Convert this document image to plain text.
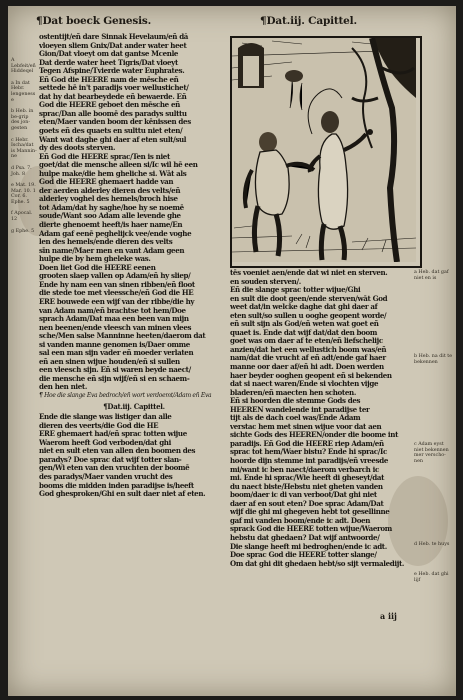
¶Dat boeck Genesis.	¶Dat.iij. Capittel.
A Lebfeit/eñ Hiddeqel
a In dat Hebr. lengenesse
b Heb. in be-grip des jon-gesten
c Hebr. Ischa/dat is Mannin-ne
d Psa. 7. Joh. 8
e Mat. 19. Mar. 10. 1 Cor. 6. Ephe. 5
f Apocal. 12
g Ephe. 5
ostentijt/eñ dare Sinnak Hevelaum/eñ dă
vloeyen sliem Gnix/Dat ander water heet
Gion/Dat vloeyt om dat gantse Mcenle
Dat derde water heet Tigris/Dat vloeyt
Tegen Afspine/Tvierde water Euphrates.
Eñ God die HEERE nam de mēsche eñ
settede hē in't paradijs voer wellustichet/
dat hy dat bearbeydede eñ bewaerde. Eñ
God die HEERE geboet den mēsche eñ
sprac/Dan alle boomē des paradys sulttu
eten/Maer vanden boom der kēnissen des
goets eñ des quaets en sulttu niet eten/
Want wat daghe ghi daer af eten sult/sul
dy des doots sterven.
Eñ God die HEERE sprac/Ten is niet
goet/dat die mensche alleen si/Ic wil hē een
hulpe make/die hem gheliche si. Wāt als
God die HEERE ghemaert hadde van
der aerden alderley dieren des velts/eñ
alderley voghel des hemels/broch hise
tot Adam/dat hy saghe/hoe hy se noemē
soude/Want soo Adam alle levende ghe
dierte ghenoemt heeft/is haer name/En
Adam gaf eenē peghelijck vee/ende voghe
len des hemels/ende dieren des velts
sīn name/Maer men en vant Adam geen
hulpe die by hem gheleke was.
Doen liet God die HEERE eenen
grooten slaep vallen op Adam/eñ hy sliep/
Ende hy nam een van sinen ribben/eñ floot
die stede toe met vleessche/eñ God die HE
ERE bouwede een wijf van der ribbe/die hy
van Adam nam/eñ brachtse tot hem/Doe
sprach Adam/Dat maa een been van mijn
nen beenen/ende vleesch van minen vlees
sche/Men salse Manninne heeten/daerom dat
si vanden manne genomen is/Daer omme
sal een man sijn vader eñ moeder verlaten
eñ aen sinen wijue houden/eñ si sullen
een vleesch sijn. Eñ si waren beyde naect/
die mensche eñ sijn wijf/eñ si en schaem-
den hen niet.
¶ Hoe die slange Eva bedroch/eñ wort verdoemt/Adam eñ Eva
¶Dat.iij. Capittel.
Ende die slange was listiger dan alle
dieren des veerts/die God die HE
ERE ghemaert had/eñ sprac totten wijue
Waerom heeft God verboden/dat ghi
niet en sult eten van allen den boomen des
paradys? Doe sprac dat wijf totter slan-
gen/Wi eten van den vruchten der boomē
des paradys/Maer vanden vrucht des
booms die midden inden paradijse is/heeft
God ghesproken/Ghi en sult daer niet af eten.
tēs voeniet aen/ende dat wi niet en sterven.
en souden sterven/.
Eñ die slange sprac totter wijue/Ghi
en sult die doot geen/ende sterven/wāt God
weet dat/in welcke daghe dat ghi daer af
eten sult/so sullen u ooghe geopent worde/
eñ sult sijn als God/eñ weten wat goet eñ
quaet is. Ende dat wijf dat/dat den boom
goet was om daer af te eten/eñ liefschelijc
anzien/dat het een wellustich boom was/eñ
nam/dat die vrucht af eñ adt/ende gaf haer
manne oor daer af/eñ hi adt. Doen werden
haer beyder ooghen geopent eñ si bekenden
dat si naect waren/Ende si vlochten vijge
bladeren/eñ maecten hen schoten.
Eñ si hoorden die stemme Gods des
HEEREN wandelende int paradijse ter
tijt als de dach coel was/Ende Adam
verstac hem met sinen wijue voor dat aen
sichte Gods des HEEREN/onder die boome int
paradijs. Eñ God die HEERE riep Adam/eñ
sprac tot hem/Waer bistu? Ende hi sprac/Ic
hoorde dijn stemme int paradijs/eñ vreesde
mi/want ic ben naect/daerom verbarch ic
mi. Ende hi sprac/Wie heeft di gheseyt/dat
du naect biste/Hebstu niet gheten vanden
boom/daer ic di van verboot/Dat ghi niet
daer af en sout eten? Doe sprac Adam/Dat
wijf die ghi mi ghegeven hebt tot gesellinne
gaf mi vanden boom/ende ic adt. Doen
sprack God die HEERE totten wijue/Waerom
hebstu dat ghedaen? Dat wijf antwoorde/
Die slange heeft mi bedroghen/ende ic adt.
Doe sprac God die HEERE totter slange/
Om dat ghi dit ghedaen hebt/so sijt vermaledijt.
a Heb. dat gaf niet en is
b Heb. na dit te bekennen
c Adam eyst niet bekennen mer verscho-nen
d Heb. te huys
e Heb. dat ghi lijf
a iij
